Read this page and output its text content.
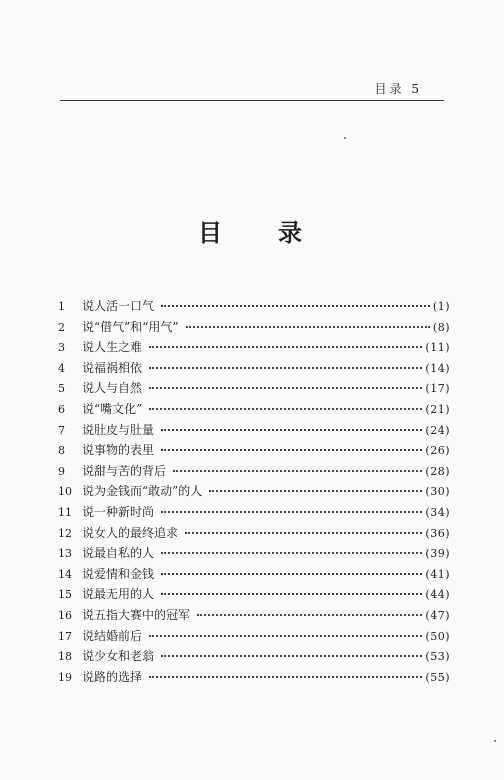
目录 5
目 录
1	说人活一口气	(1)
2	说“借气”和“用气”	(8)
3	说人生之难	(11)
4	说福祸相依	(14)
5	说人与自然	(17)
6	说“嘴文化”	(21)
7	说肚皮与肚量	(24)
8	说事物的表里	(26)
9	说甜与苦的背后	(28)
10 说为金钱而“敢动”的人	(30)
11 说一种新时尚	(34)
12 说女人的最终追求	(36)
13 说最自私的人	(39)
14 说爱情和金钱	(41)
15 说最无用的人	(44)
16 说五指大赛中的冠军	(47)
17 说结婚前后	(50)
18 说少女和老翁	(53)
19 说路的选择	(55)
